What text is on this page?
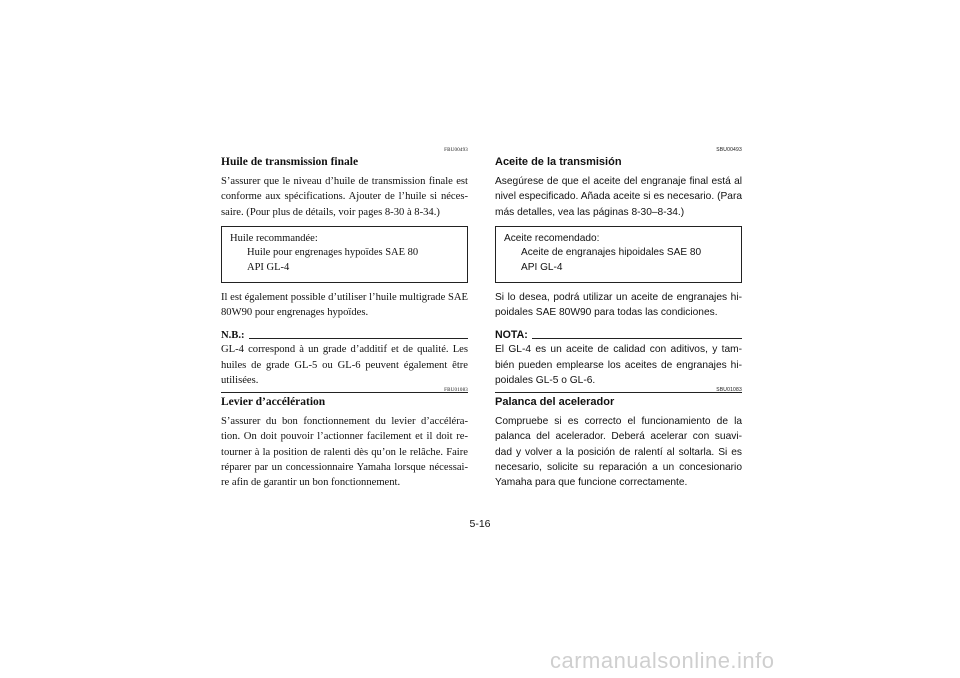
FBU00493
Huile de transmission finale

S’assurer que le niveau d’huile de transmission finale est conforme aux spécifications. Ajouter de l’huile si néces-saire. (Pour plus de détails, voir pages 8-30 à 8-34.)

Huile recommandée:
Huile pour engrenages hypoïdes SAE 80
API GL-4

Il est également possible d’utiliser l’huile multigrade SAE 80W90 pour engrenages hypoïdes.

N.B.:

GL-4 correspond à un grade d’additif et de qualité. Les huiles de grade GL-5 ou GL-6 peuvent également être utilisées.

SBU00493
Aceite de la transmisión

Asegúrese de que el aceite del engranaje final está al nivel especificado. Añada aceite si es necesario. (Para más detalles, vea las páginas 8-30–8-34.)

Aceite recomendado:
Aceite de engranajes hipoidales SAE 80
API GL-4

Si lo desea, podrá utilizar un aceite de engranajes hi-poidales SAE 80W90 para todas las condiciones.

NOTA:

El GL-4 es un aceite de calidad con aditivos, y tam-bién pueden emplearse los aceites de engranajes hi-poidales GL-5 o GL-6.

FBU01083
Levier d’accélération

S’assurer du bon fonctionnement du levier d’accéléra-tion. On doit pouvoir l’actionner facilement et il doit re-tourner à la position de ralenti dès qu’on le relâche. Faire réparer par un concessionnaire Yamaha lorsque nécessai-re afin de garantir un bon fonctionnement.

SBU01083
Palanca del acelerador

Compruebe si es correcto el funcionamiento de la palanca del acelerador. Deberá acelerar con suavi-dad y volver a la posición de ralentí al soltarla. Si es necesario, solicite su reparación a un concesionario Yamaha para que funcione correctamente.

5-16
carmanualsonline.info
